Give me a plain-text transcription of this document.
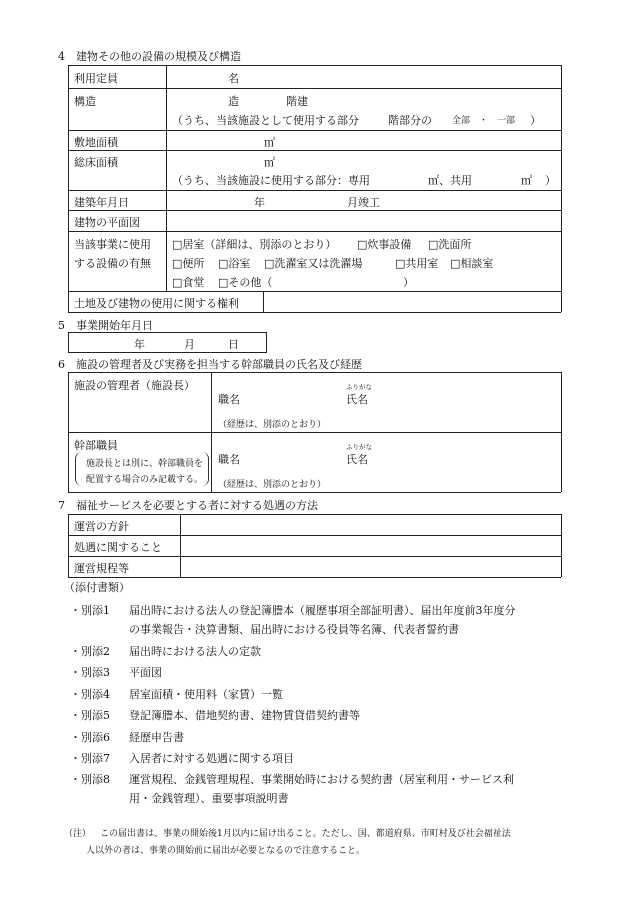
4　建物その他の設備の規模及び構造
利用定員	名
構造	造	階建
（うち、当該施設として使用する部分	階部分の 全部　・　一部 ）
敷地面積	㎡
総床面積	㎡
（うち、当該施設に使用する部分：専用	㎡、共用	㎡ ）
建築年月日	年	月竣工
建物の平面図
当該事業に使用
する設備の有無
□ 居室（詳細は、別添のとおり）	□ 炊事設備	□ 洗面所
□ 便所	□ 浴室	□ 洗濯室又は洗濯場	□ 共用室	□ 相談室
□ 食堂	□ その他（	）
土地及び建物の使用に関する権利
5　事業開始年月日
年	月	日
6　施設の管理者及び実務を担当する幹部職員の氏名及び経歴
施設の管理者（施設長）
職名
ふりがな
氏名
（経歴は、別添のとおり）
幹部職員
施設長とは別に、幹部職員を
配置する場合のみ記載する。
職名
ふりがな
氏名
（経歴は、別添のとおり）
7　福祉サービスを必要とする者に対する処遇の方法
運営の方針
処遇に関すること
運営規程等
（添付書類）
・別添1 届出時における法人の登記簿謄本（履歴事項全部証明書）、届出年度前3年度分
の事業報告・決算書類、届出時における役員等名簿、代表者誓約書
・別添2 届出時における法人の定款
・別添3 平面図
・別添4 居室面積・使用料（家賃）一覧
・別添5 登記簿謄本、借地契約書、建物賃貸借契約書等
・別添6 経歴申告書
・別添7 入居者に対する処遇に関する項目
・別添8 運営規程、金銭管理規程、事業開始時における契約書（居室利用・サービス利
用・金銭管理）、重要事項説明書
（注） この届出書は、事業の開始後1月以内に届け出ること。ただし、国、都道府県、市町村及び社会福祉法
人以外の者は、事業の開始前に届出が必要となるので注意すること。
